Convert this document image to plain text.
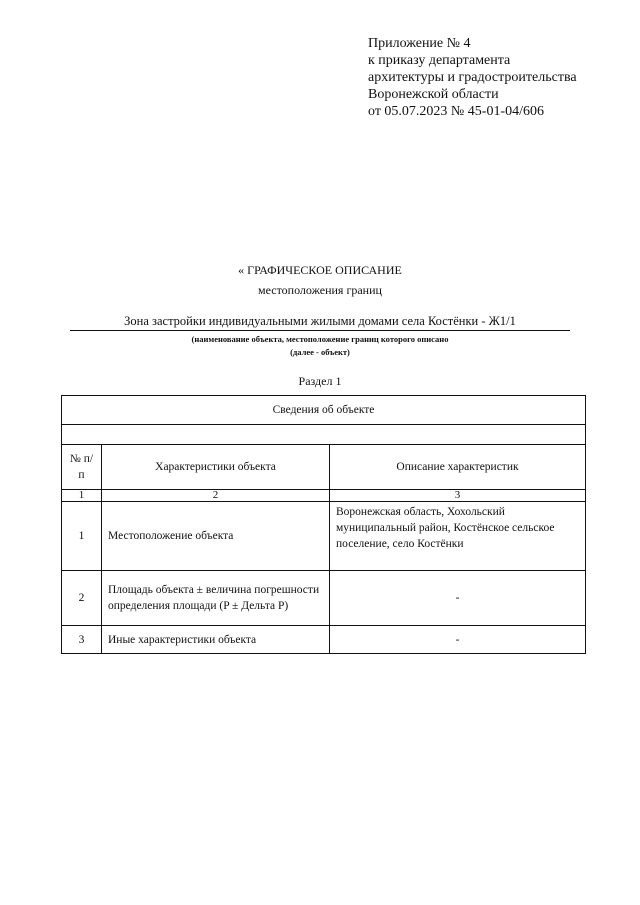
Приложение № 4
к приказу департамента
архитектуры и градостроительства
Воронежской области
от 05.07.2023 № 45-01-04/606
« ГРАФИЧЕСКОЕ ОПИСАНИЕ
местоположения границ
Зона застройки индивидуальными жилыми домами села Костёнки - Ж1/1
(наименование объекта, местоположение границ которого описано
(далее - объект)
Раздел 1
Сведения об объекте		

№ п/п	Характеристики объекта	Описание характеристик
1	2	3
1	Местоположение объекта	Воронежская область, Хохольский муниципальный район, Костёнское сельское поселение, село Костёнки
2	Площадь объекта ± величина погрешности определения площади (P ± Дельта P)	-
3	Иные характеристики объекта	-
